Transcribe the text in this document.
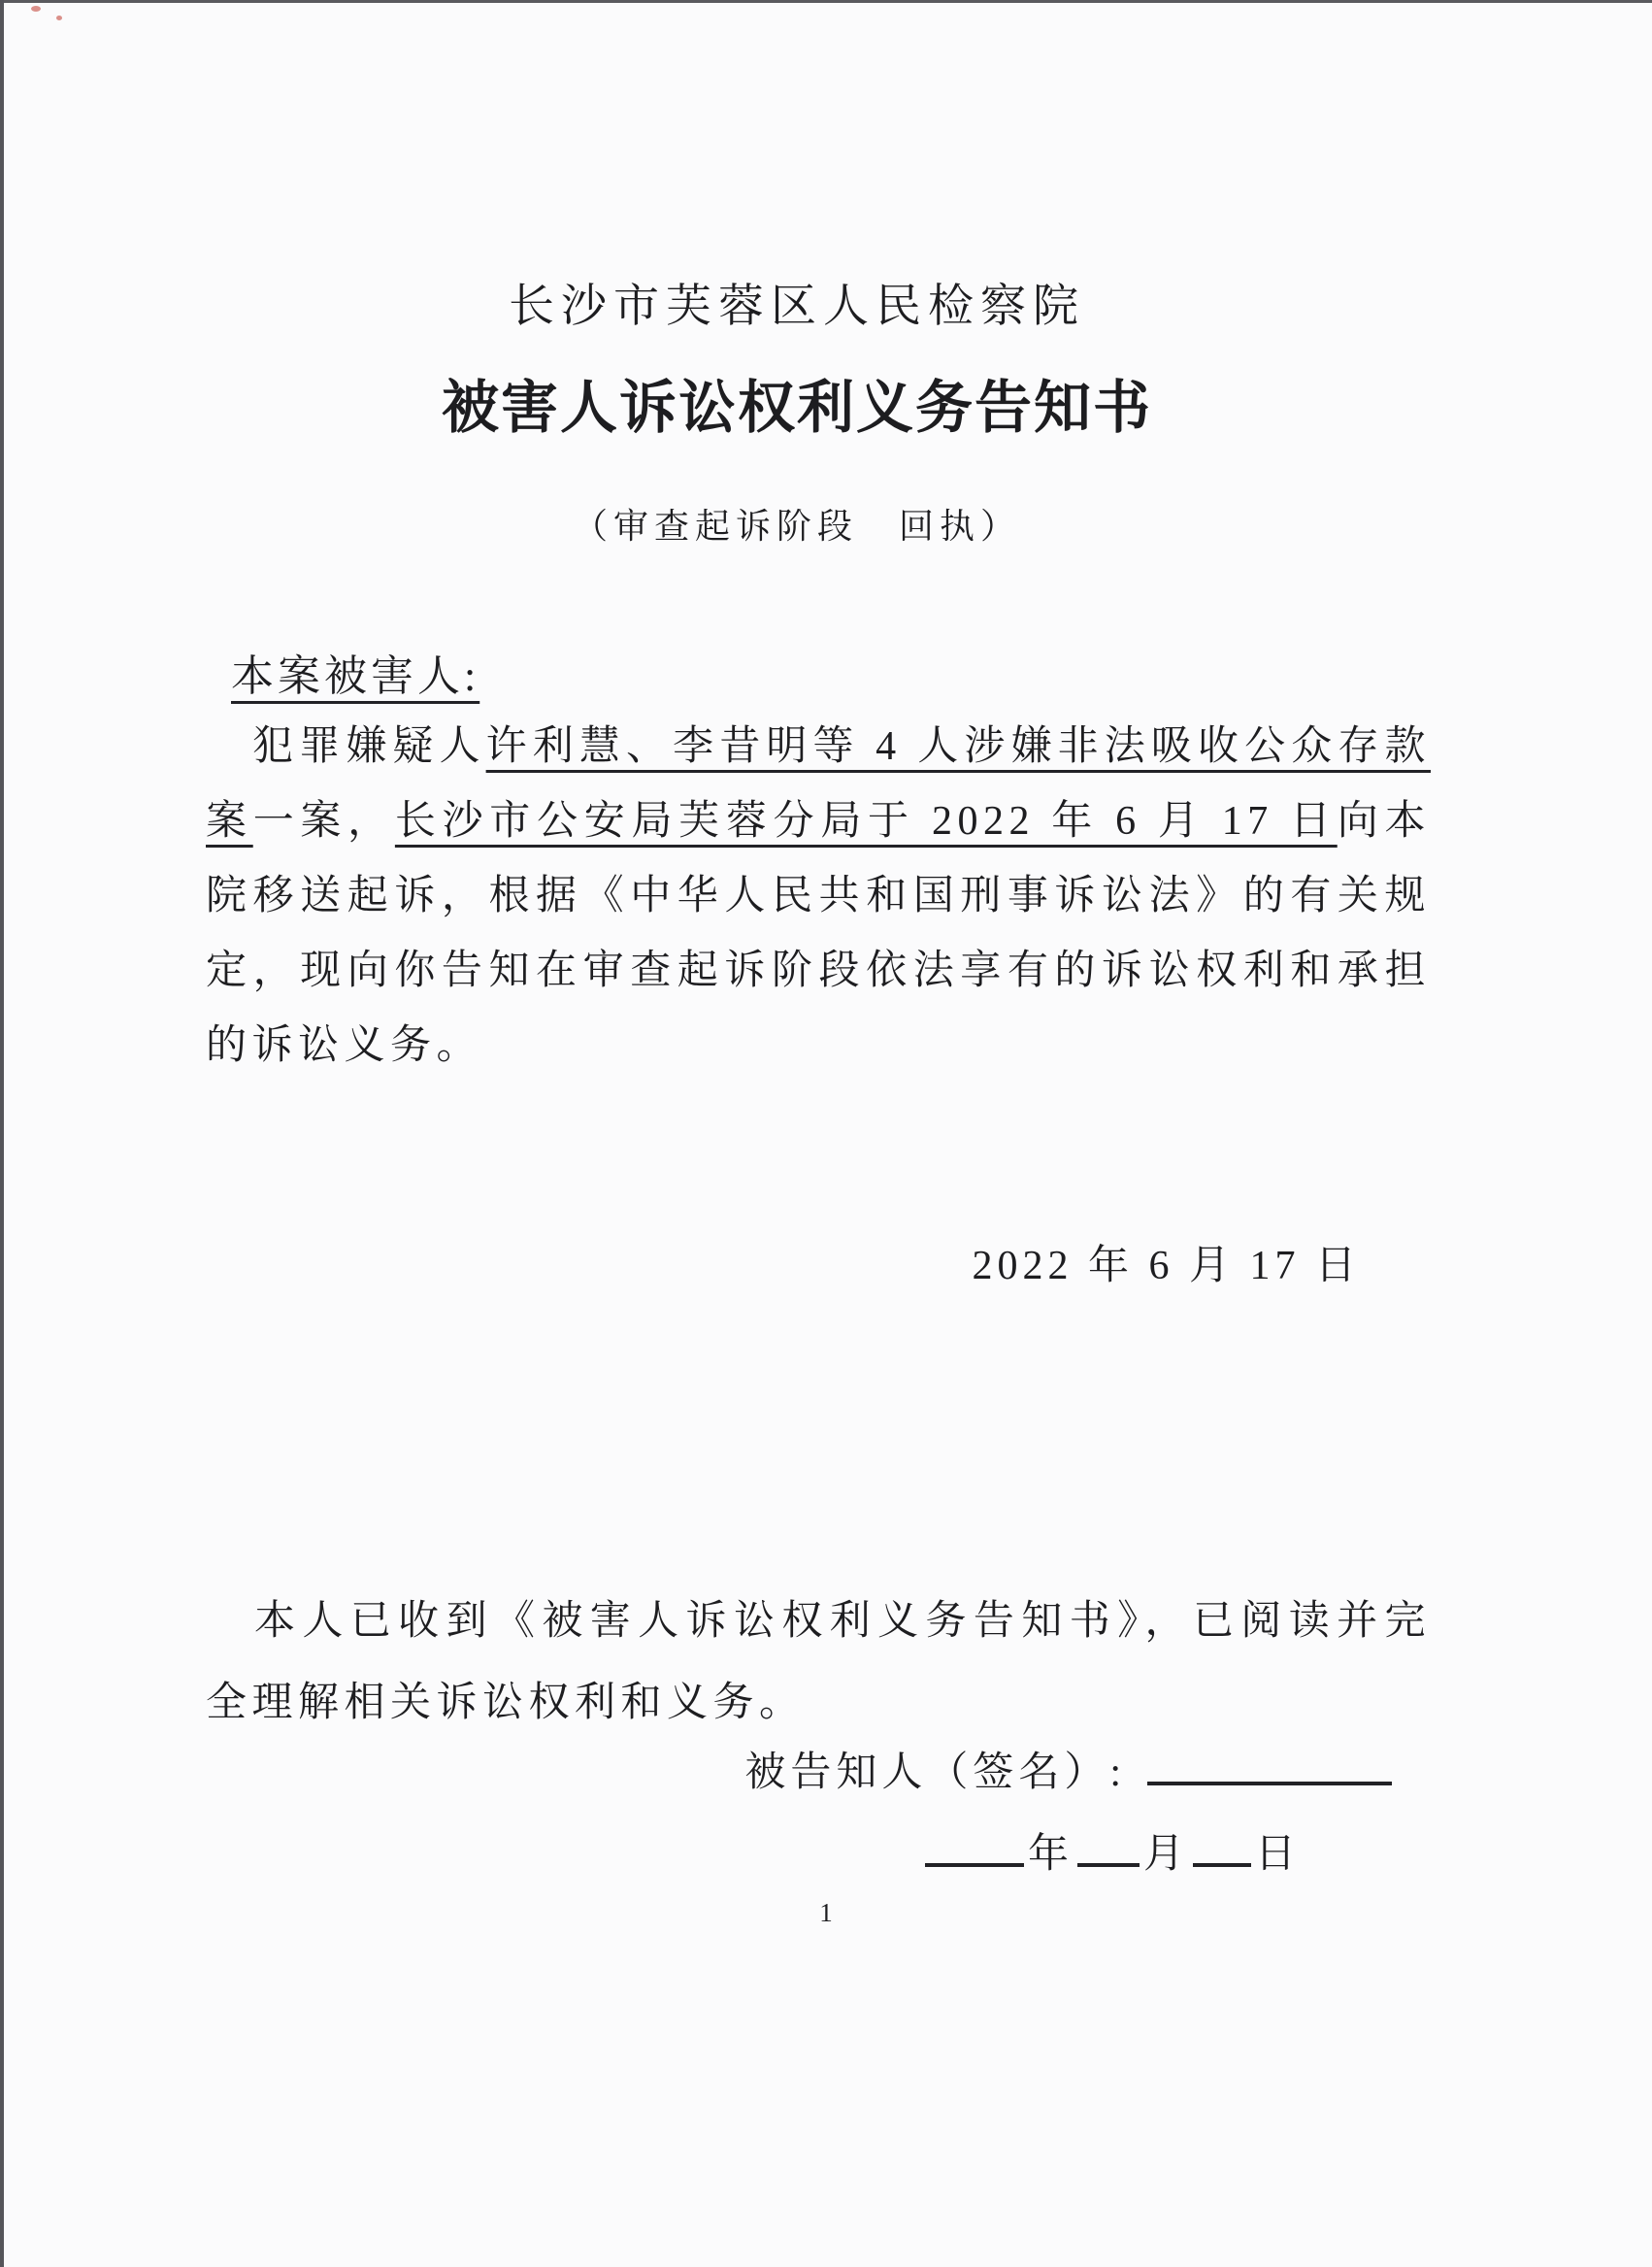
长沙市芙蓉区人民检察院
被害人诉讼权利义务告知书
（审查起诉阶段　回执）
本案被害人:

犯罪嫌疑人许利慧、李昔明等 4 人涉嫌非法吸收公众存款案一案，长沙市公安局芙蓉分局于 2022 年 6 月 17 日向本院移送起诉，根据《中华人民共和国刑事诉讼法》的有关规定，现向你告知在审查起诉阶段依法享有的诉讼权利和承担的诉讼义务。

2022 年 6 月 17 日

本人已收到《被害人诉讼权利义务告知书》，已阅读并完全理解相关诉讼权利和义务。

被告知人（签名）:
年 月 日
1
